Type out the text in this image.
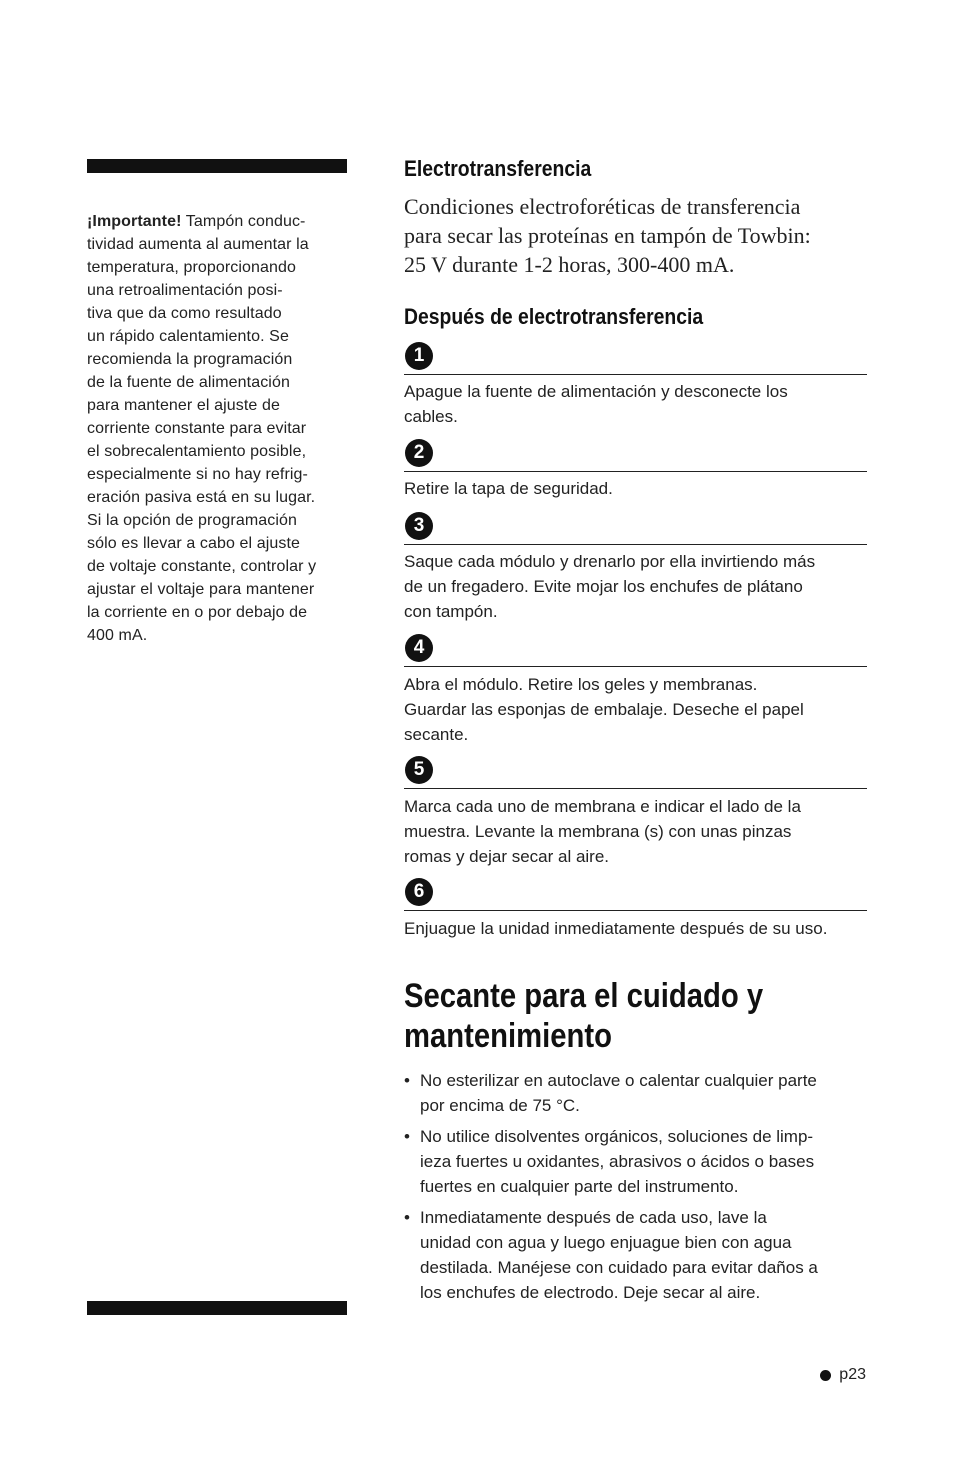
¡Importante! Tampón conduc-
tividad aumenta al aumentar la
temperatura, proporcionando
una retroalimentación posi-
tiva que da como resultado
un rápido calentamiento. Se
recomienda la programación
de la fuente de alimentación
para mantener el ajuste de
corriente constante para evitar
el sobrecalentamiento posible,
especialmente si no hay refrig-
eración pasiva está en su lugar.
Si la opción de programación
sólo es llevar a cabo el ajuste
de voltaje constante, controlar y
ajustar el voltaje para mantener
la corriente en o por debajo de
400 mA.
Electrotransferencia
Condiciones electroforéticas de transferencia
para secar las proteínas en tampón de Towbin:
25 V durante 1-2 horas, 300-400 mA.
Después de electrotransferencia
1
Apague la fuente de alimentación y desconecte los
cables.
2
Retire la tapa de seguridad.
3
Saque cada módulo y drenarlo por ella invirtiendo más
de un fregadero. Evite mojar los enchufes de plátano
con tampón.
4
Abra el módulo. Retire los geles y membranas.
Guardar las esponjas de embalaje. Deseche el papel
secante.
5
Marca cada uno de membrana e indicar el lado de la
muestra. Levante la membrana (s) con unas pinzas
romas y dejar secar al aire.
6
Enjuague la unidad inmediatamente después de su uso.
Secante para el cuidado y
mantenimiento
• No esterilizar en autoclave o calentar cualquier parte
por encima de 75 °C.
• No utilice disolventes orgánicos, soluciones de limp-
ieza fuertes u oxidantes, abrasivos o ácidos o bases
fuertes en cualquier parte del instrumento.
• Inmediatamente después de cada uso, lave la
unidad con agua y luego enjuague bien con agua
destilada. Manéjese con cuidado para evitar daños a
los enchufes de electrodo. Deje secar al aire.
p23
